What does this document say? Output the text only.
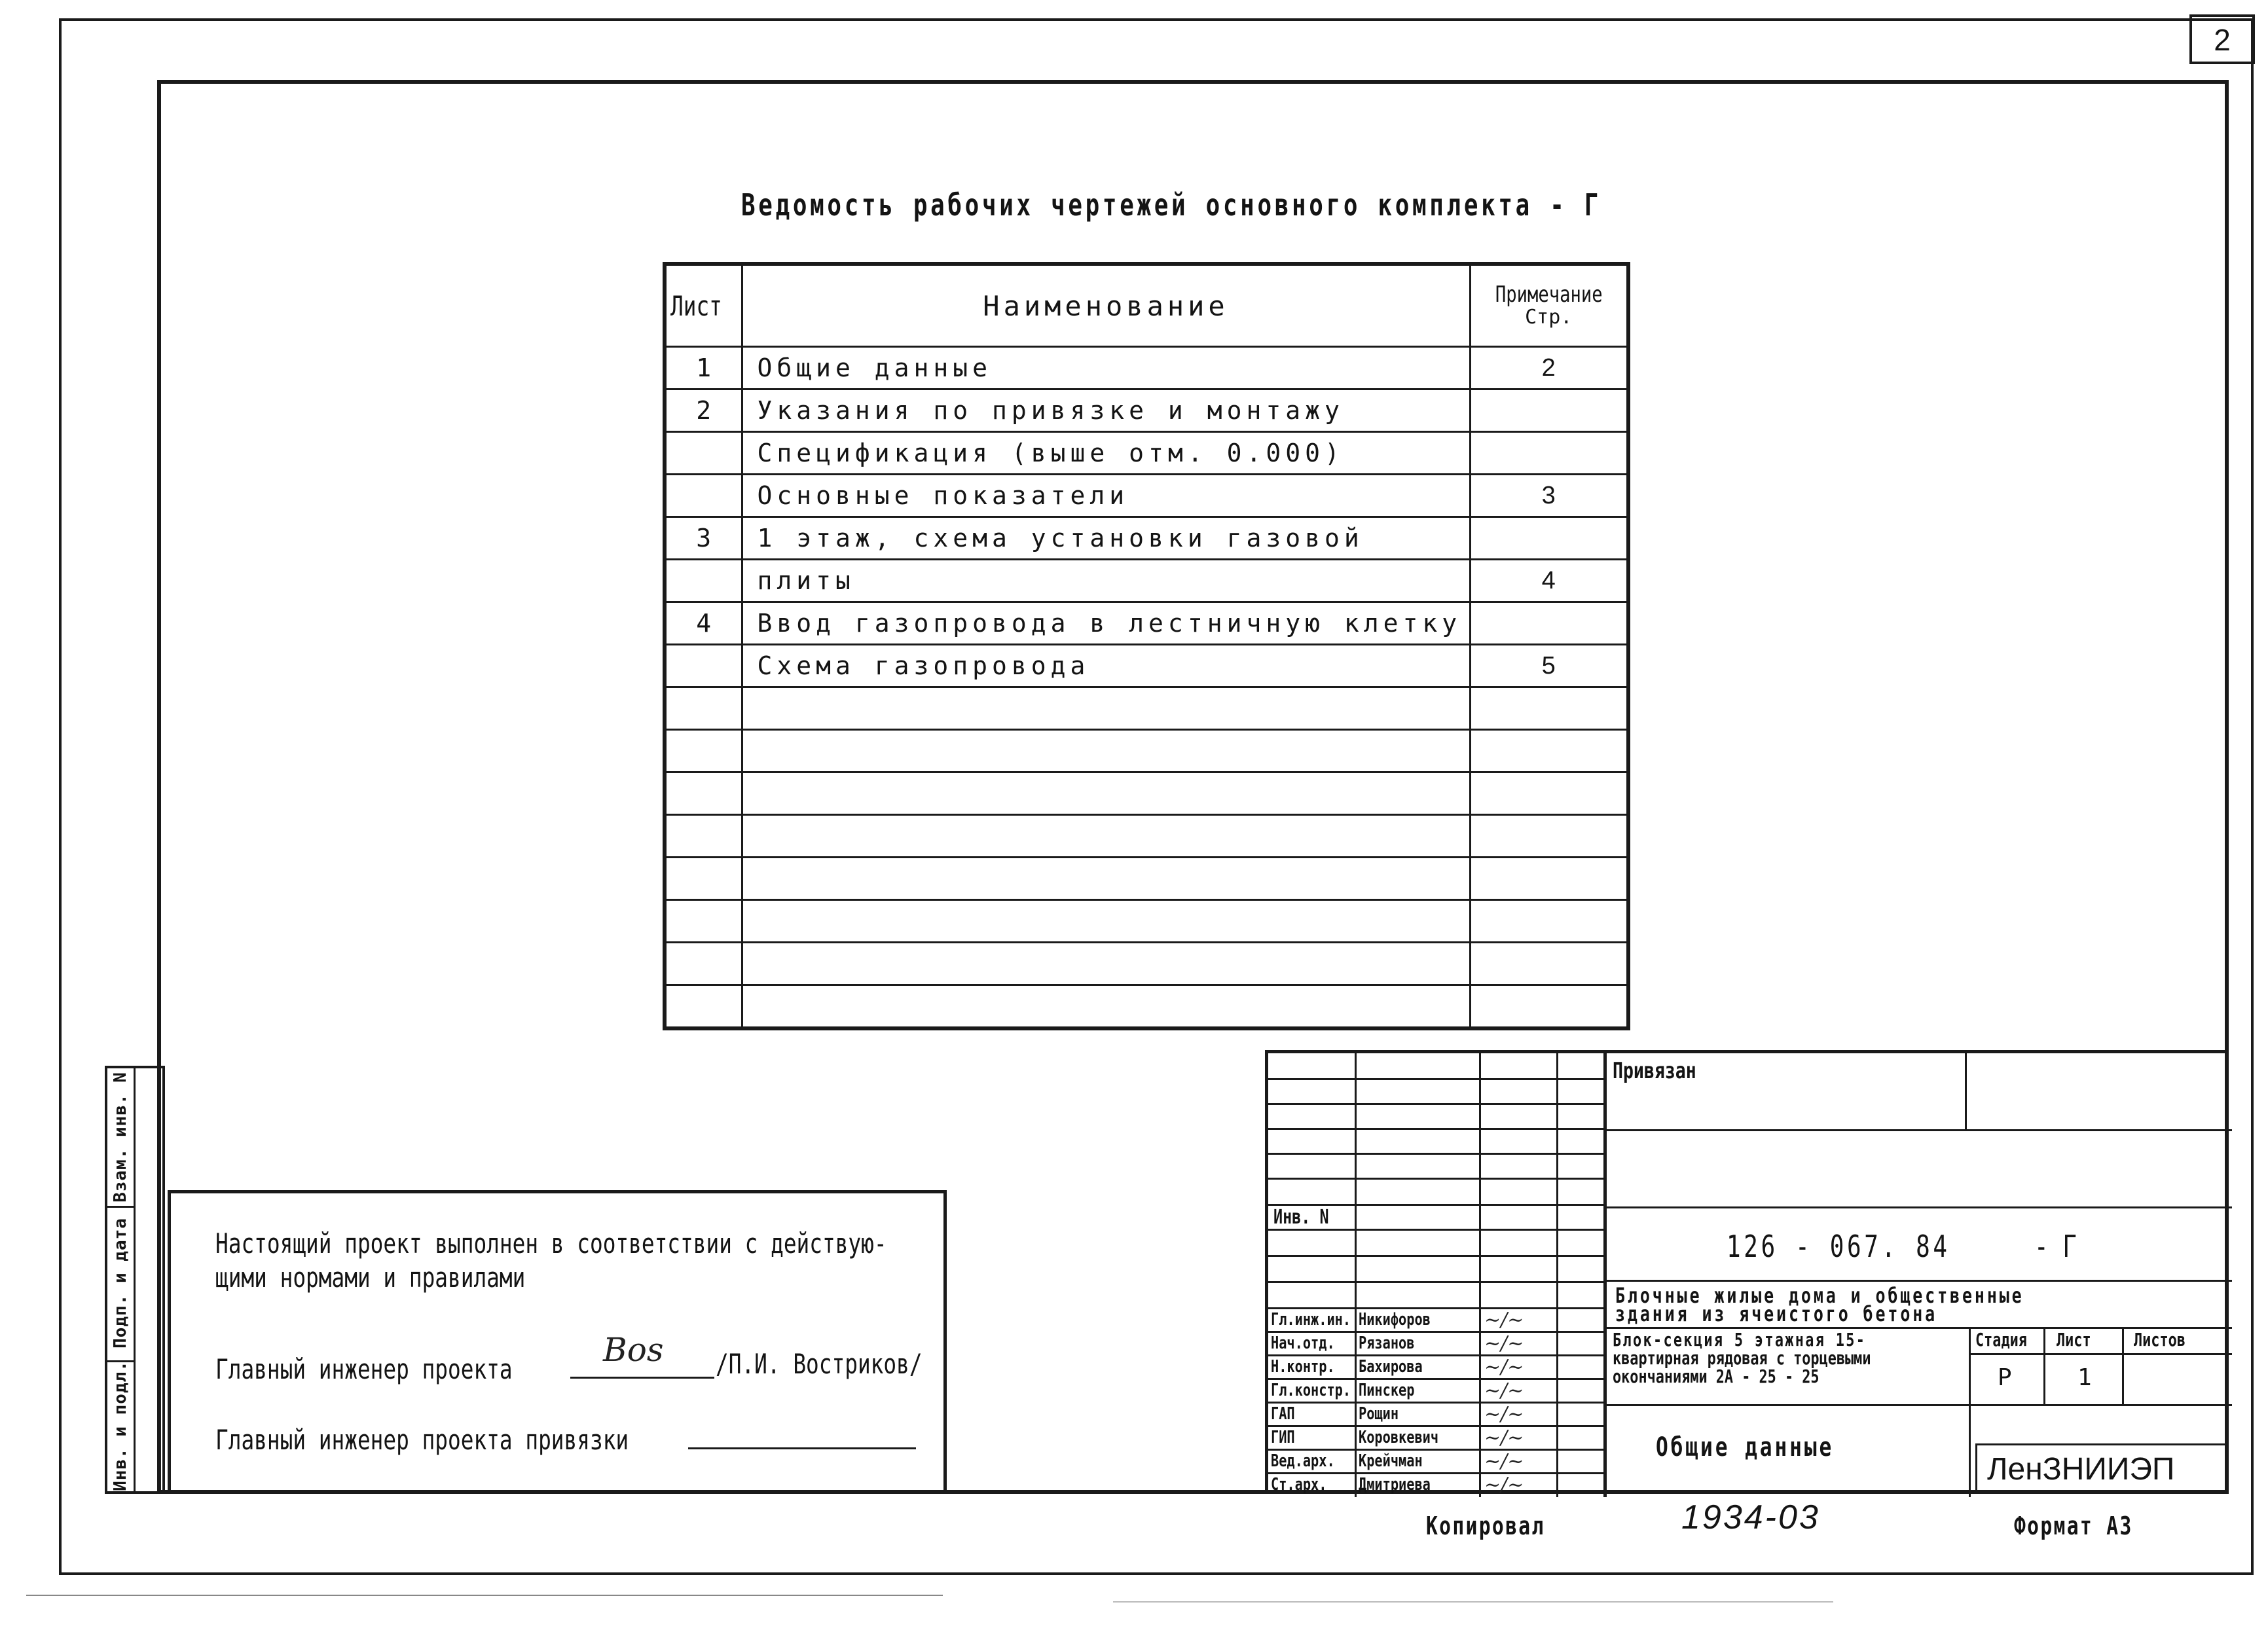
2
Ведомость рабочих чертежей основного комплекта - Г
Лист	Наименование	Примечание
Стр.

1	Общие данные	2
2	Указания по привязке и монтажу	
	Спецификация (выше отм. 0.000)	
	Основные показатели	3
3	1 этаж, схема установки газовой	
	плиты	4
4	Ввод газопровода в лестничную клетку	
	Схема газопровода	5

Взам. инв. N
Подп. и дата
Инв. и подл.
Настоящий проект выполнен в соответствии с действую-
щими нормами и правилами
Главный инженер проекта
Bos /П.И. Востриков/
Главный инженер проекта привязки
Инв. N
Гл.инж.ин. Никифоров	~∕~
Нач.отд. Рязанов	~∕~
Н.контр. Бахирова	~∕~
Гл.констр. Пинскер	~∕~
ГАП	Рощин	~∕~
ГИП	Коровкевич ~∕~
Вед.арх. Крейчман	~∕~
Ст.арх. Дмитриева	~∕~
Привязан
126 - 067. 84	- Г
Блочные жилые дома и общественные
здания из ячеистого бетона
Блок-секция 5 этажная 15-
квартирная рядовая с торцевыми
окончаниями 2А - 25 - 25
Стадия Лист Листов
Р	1
Общие данные
ЛенЗНИИЭП
Копировал	1934-03	Формат А3
